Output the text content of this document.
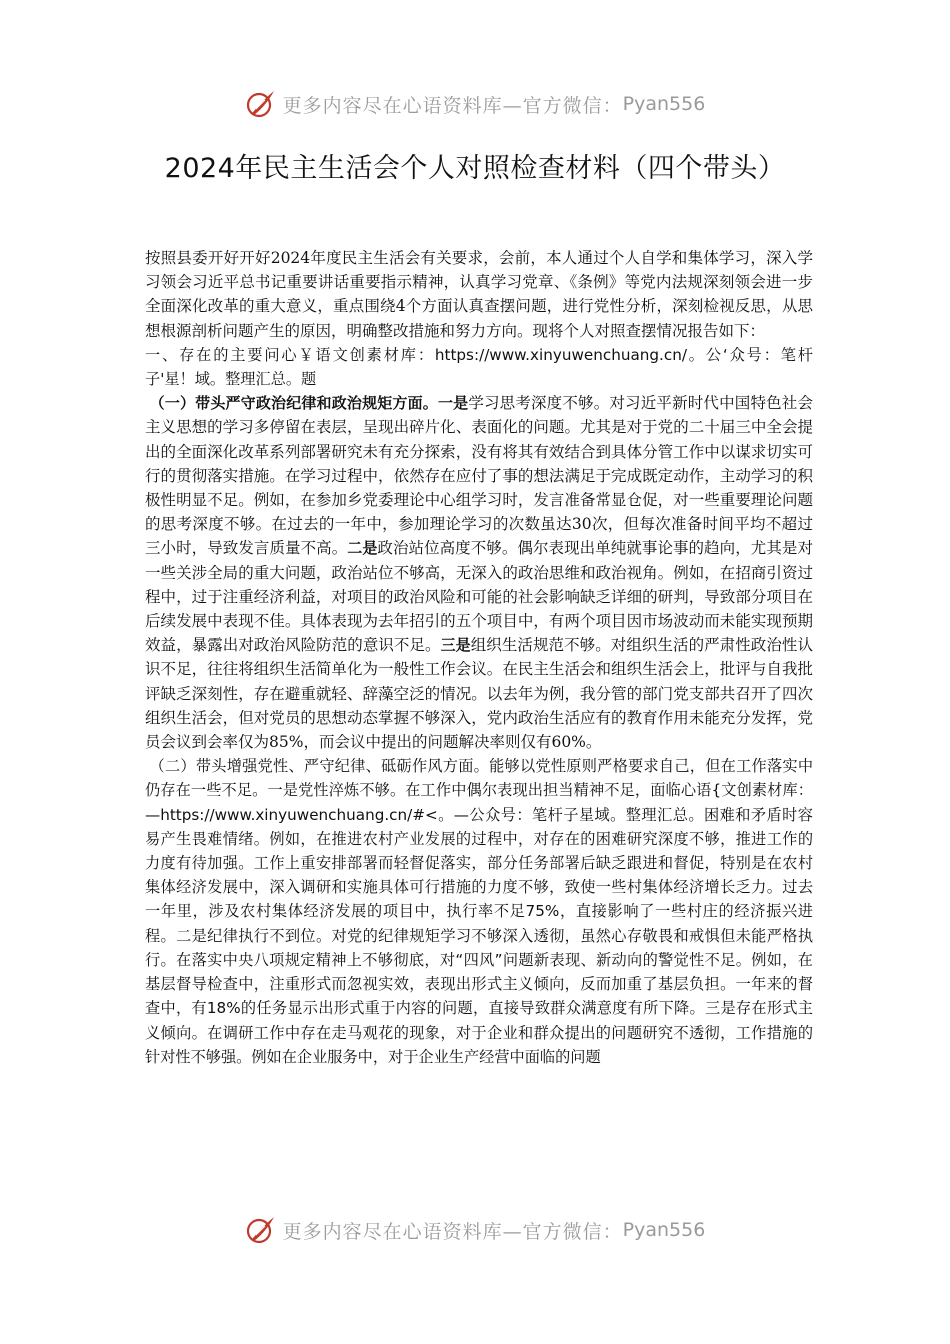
更多内容尽在心语资料库—官方微信： Pyan556
2024年民主生活会个人对照检查材料（四个带头）

按照县委开好开好2024年度民主生活会有关要求，会前，本人通过个人自学和集体学习，深入学习领会习近平总书记重要讲话重要指示精神，认真学习党章、《条例》等党内法规深刻领会进一步全面深化改革的重大意义，重点围绕4个方面认真查摆问题，进行党性分析，深刻检视反思，从思想根源剖析问题产生的原因，明确整改措施和努力方向。现将个人对照查摆情况报告如下：

一、存在的主要问心￥语文创素材库：https://www.xinyuwenchuang.cn/。公‘众号：笔杆子'星！域。整理汇总。题

（一）带头严守政治纪律和政治规矩方面。一是学习思考深度不够。对习近平新时代中国特色社会主义思想的学习多停留在表层，呈现出碎片化、表面化的问题。尤其是对于党的二十届三中全会提出的全面深化改革系列部署研究未有充分探索，没有将其有效结合到具体分管工作中以谋求切实可行的贯彻落实措施。在学习过程中，依然存在应付了事的想法满足于完成既定动作，主动学习的积极性明显不足。例如，在参加乡党委理论中心组学习时，发言准备常显仓促，对一些重要理论问题的思考深度不够。在过去的一年中，参加理论学习的次数虽达30次，但每次准备时间平均不超过三小时，导致发言质量不高。二是政治站位高度不够。偶尔表现出单纯就事论事的趋向，尤其是对一些关涉全局的重大问题，政治站位不够高，无深入的政治思维和政治视角。例如，在招商引资过程中，过于注重经济利益，对项目的政治风险和可能的社会影响缺乏详细的研判，导致部分项目在后续发展中表现不佳。具体表现为去年招引的五个项目中，有两个项目因市场波动而未能实现预期效益，暴露出对政治风险防范的意识不足。三是组织生活规范不够。对组织生活的严肃性政治性认识不足，往往将组织生活简单化为一般性工作会议。在民主生活会和组织生活会上，批评与自我批评缺乏深刻性，存在避重就轻、辞藻空泛的情况。以去年为例，我分管的部门党支部共召开了四次组织生活会，但对党员的思想动态掌握不够深入，党内政治生活应有的教育作用未能充分发挥，党员会议到会率仅为85%，而会议中提出的问题解决率则仅有60%。

（二）带头增强党性、严守纪律、砥砺作风方面。能够以党性原则严格要求自己，但在工作落实中仍存在一些不足。一是党性淬炼不够。在工作中偶尔表现出担当精神不足，面临心语{文创素材库：—https://www.xinyuwenchuang.cn/#<。—公众号：笔杆子星域。整理汇总。困难和矛盾时容易产生畏难情绪。例如，在推进农村产业发展的过程中，对存在的困难研究深度不够，推进工作的力度有待加强。工作上重安排部署而轻督促落实，部分任务部署后缺乏跟进和督促，特别是在农村集体经济发展中，深入调研和实施具体可行措施的力度不够，致使一些村集体经济增长乏力。过去一年里，涉及农村集体经济发展的项目中，执行率不足75%，直接影响了一些村庄的经济振兴进程。二是纪律执行不到位。对党的纪律规矩学习不够深入透彻，虽然心存敬畏和戒惧但未能严格执行。在落实中央八项规定精神上不够彻底，对“四风”问题新表现、新动向的警觉性不足。例如，在基层督导检查中，注重形式而忽视实效，表现出形式主义倾向，反而加重了基层负担。一年来的督查中，有18%的任务显示出形式重于内容的问题，直接导致群众满意度有所下降。三是存在形式主义倾向。在调研工作中存在走马观花的现象，对于企业和群众提出的问题研究不透彻，工作措施的针对性不够强。例如在企业服务中，对于企业生产经营中面临的问题

更多内容尽在心语资料库—官方微信： Pyan556
